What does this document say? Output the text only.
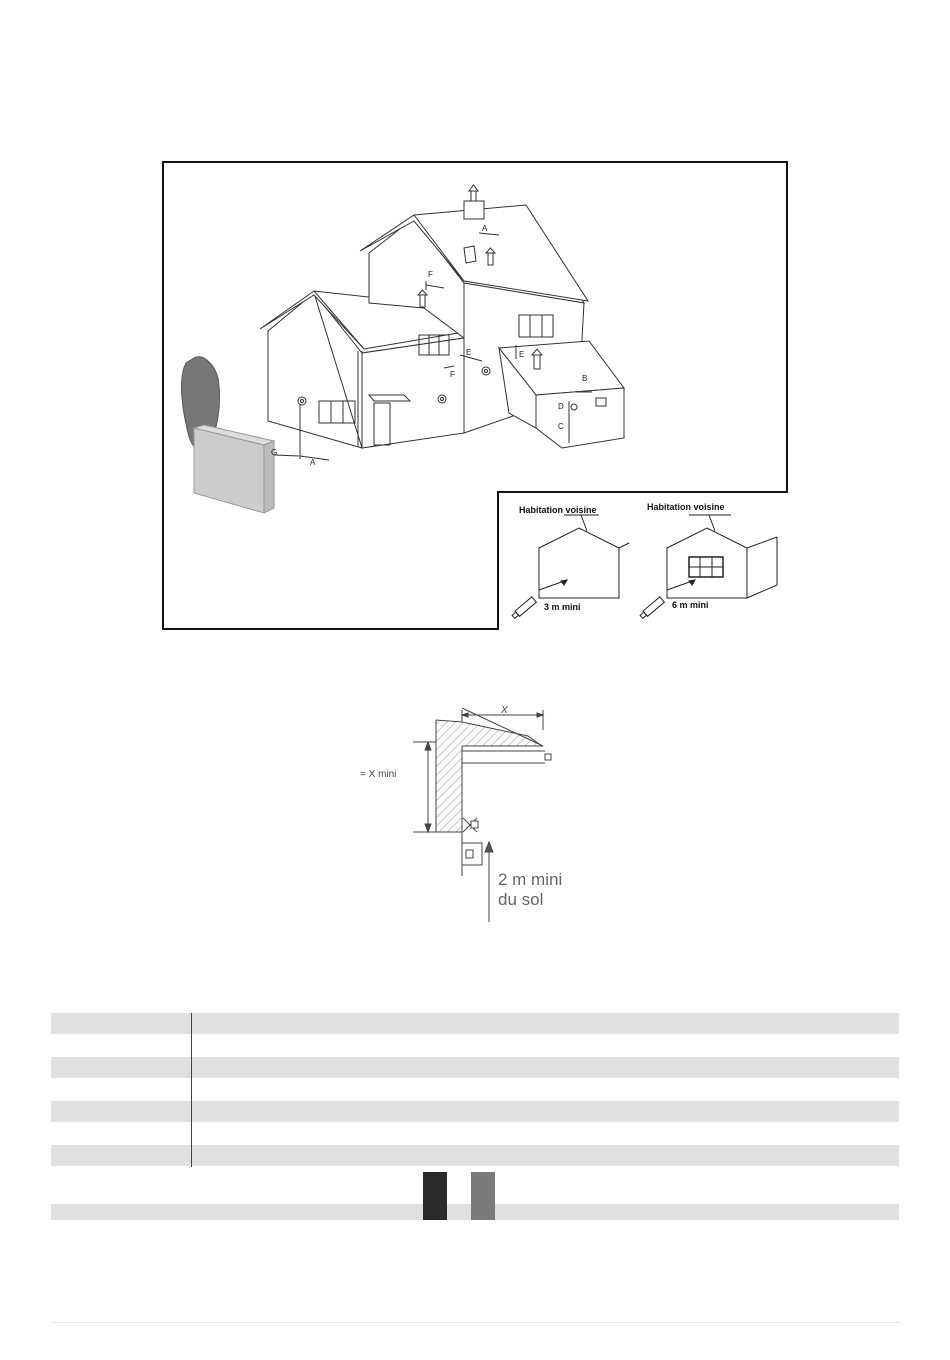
A
F
E
F
E
B
D
C
G
A
Habitation voisine	Habitation voisine
3 m mini	6 m mini
= X mini
X
2 m mini
du sol
